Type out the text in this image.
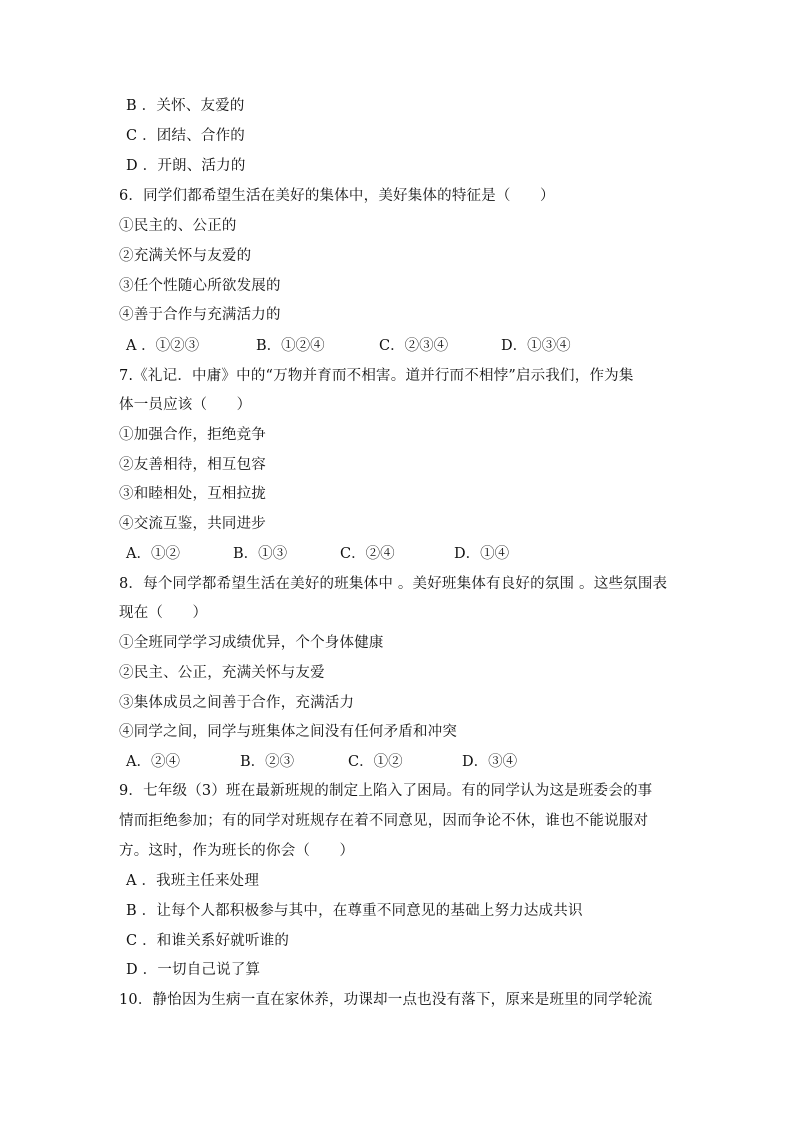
B ．关怀、友爱的
C ．团结、合作的
D ．开朗、活力的
6．同学们都希望生活在美好的集体中，美好集体的特征是（　　）
①民主的、公正的
②充满关怀与友爱的
③任个性随心所欲发展的
④善于合作与充满活力的

A ．①②③

	B．①②④

	C．②③④

	D．①③④

7.《礼记．中庸》中的“万物并育而不相害。道并行而不相悖”启示我们，作为集
体一员应该（　　）
①加强合作，拒绝竞争
②友善相待，相互包容
③和睦相处，互相拉拢
④交流互鉴，共同进步

A．①②

	B．①③

	C．②④

	D．①④

8．每个同学都希望生活在美好的班集体中 。美好班集体有良好的氛围 。这些氛围表
现在（　　）
①全班同学学习成绩优异，个个身体健康
②民主、公正，充满关怀与友爱
③集体成员之间善于合作，充满活力
④同学之间，同学与班集体之间没有任何矛盾和冲突

A．②④

	B．②③

	C．①②

	D．③④

9．七年级（3）班在最新班规的制定上陷入了困局。有的同学认为这是班委会的事
情而拒绝参加；有的同学对班规存在着不同意见，因而争论不休，谁也不能说服对
方。这时，作为班长的你会（　　）
A ．我班主任来处理
B ．让每个人都积极参与其中，在尊重不同意见的基础上努力达成共识
C ．和谁关系好就听谁的
D ．一切自己说了算
10．静怡因为生病一直在家休养，功课却一点也没有落下，原来是班里的同学轮流
